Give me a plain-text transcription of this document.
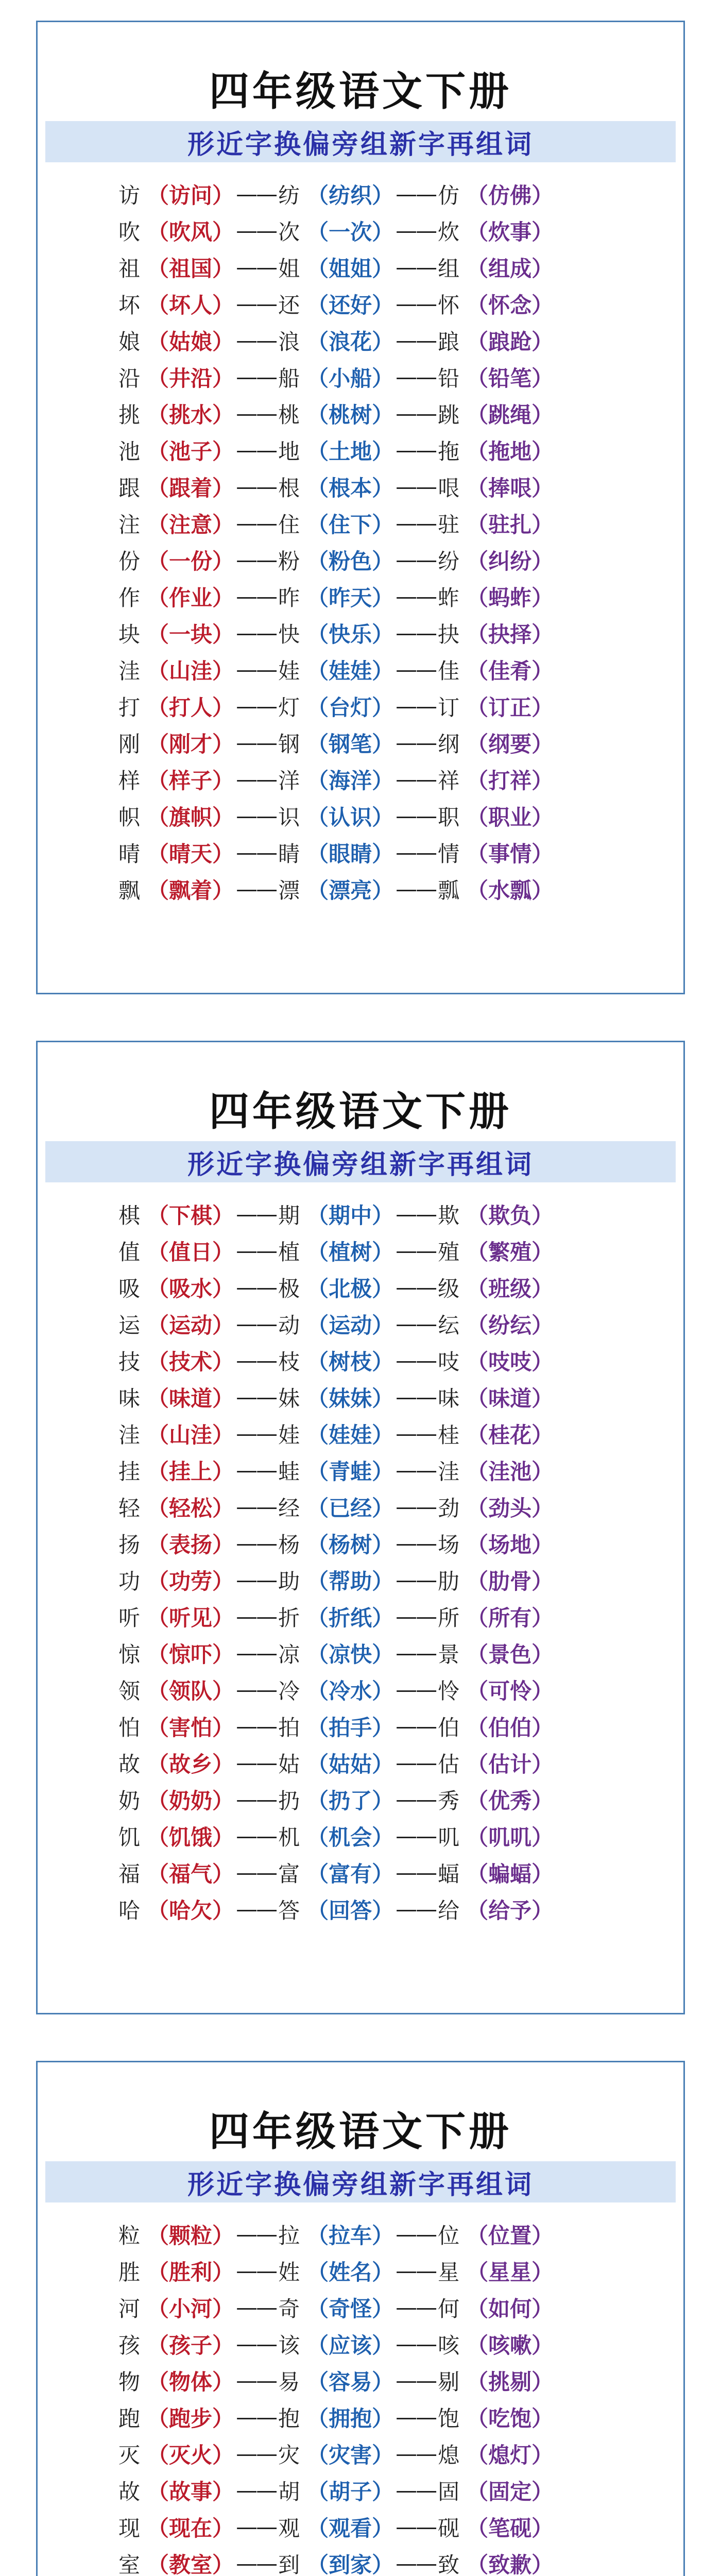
四年级语文下册
形近字换偏旁组新字再组词
访 （访问） —— 纺 （纺织） —— 仿 （仿佛）
吹 （吹风） —— 次 （一次） —— 炊 （炊事）
祖 （祖国） —— 姐 （姐姐） —— 组 （组成）
坏 （坏人） —— 还 （还好） —— 怀 （怀念）
娘 （姑娘） —— 浪 （浪花） —— 踉 （踉跄）
沿 （井沿） —— 船 （小船） —— 铅 （铅笔）
挑 （挑水） —— 桃 （桃树） —— 跳 （跳绳）
池 （池子） —— 地 （土地） —— 拖 （拖地）
跟 （跟着） —— 根 （根本） —— 哏 （捧哏）
注 （注意） —— 住 （住下） —— 驻 （驻扎）
份 （一份） —— 粉 （粉色） —— 纷 （纠纷）
作 （作业） —— 昨 （昨天） —— 蚱 （蚂蚱）
块 （一块） —— 快 （快乐） —— 抉 （抉择）
洼 （山洼） —— 娃 （娃娃） —— 佳 （佳肴）
打 （打人） —— 灯 （台灯） —— 订 （订正）
刚 （刚才） —— 钢 （钢笔） —— 纲 （纲要）
样 （样子） —— 洋 （海洋） —— 祥 （打祥）
帜 （旗帜） —— 识 （认识） —— 职 （职业）
晴 （晴天） —— 睛 （眼睛） —— 情 （事情）
飘 （飘着） —— 漂 （漂亮） —— 瓢 （水瓢）
四年级语文下册
形近字换偏旁组新字再组词
棋 （下棋） —— 期 （期中） —— 欺 （欺负）
值 （值日） —— 植 （植树） —— 殖 （繁殖）
吸 （吸水） —— 极 （北极） —— 级 （班级）
运 （运动） —— 动 （运动） —— 纭 （纷纭）
技 （技术） —— 枝 （树枝） —— 吱 （吱吱）
味 （味道） —— 妹 （妹妹） —— 味 （味道）
洼 （山洼） —— 娃 （娃娃） —— 桂 （桂花）
挂 （挂上） —— 蛙 （青蛙） —— 洼 （洼池）
轻 （轻松） —— 经 （已经） —— 劲 （劲头）
扬 （表扬） —— 杨 （杨树） —— 场 （场地）
功 （功劳） —— 助 （帮助） —— 肋 （肋骨）
听 （听见） —— 折 （折纸） —— 所 （所有）
惊 （惊吓） —— 凉 （凉快） —— 景 （景色）
领 （领队） —— 冷 （冷水） —— 怜 （可怜）
怕 （害怕） —— 拍 （拍手） —— 伯 （伯伯）
故 （故乡） —— 姑 （姑姑） —— 估 （估计）
奶 （奶奶） —— 扔 （扔了） —— 秀 （优秀）
饥 （饥饿） —— 机 （机会） —— 叽 （叽叽）
福 （福气） —— 富 （富有） —— 蝠 （蝙蝠）
哈 （哈欠） —— 答 （回答） —— 给 （给予）
四年级语文下册
形近字换偏旁组新字再组词
粒 （颗粒） —— 拉 （拉车） —— 位 （位置）
胜 （胜利） —— 姓 （姓名） —— 星 （星星）
河 （小河） —— 奇 （奇怪） —— 何 （如何）
孩 （孩子） —— 该 （应该） —— 咳 （咳嗽）
物 （物体） —— 易 （容易） —— 剔 （挑剔）
跑 （跑步） —— 抱 （拥抱） —— 饱 （吃饱）
灭 （灭火） —— 灾 （灾害） —— 熄 （熄灯）
故 （故事） —— 胡 （胡子） —— 固 （固定）
现 （现在） —— 观 （观看） —— 砚 （笔砚）
室 （教室） —— 到 （到家） —— 致 （致歉）
